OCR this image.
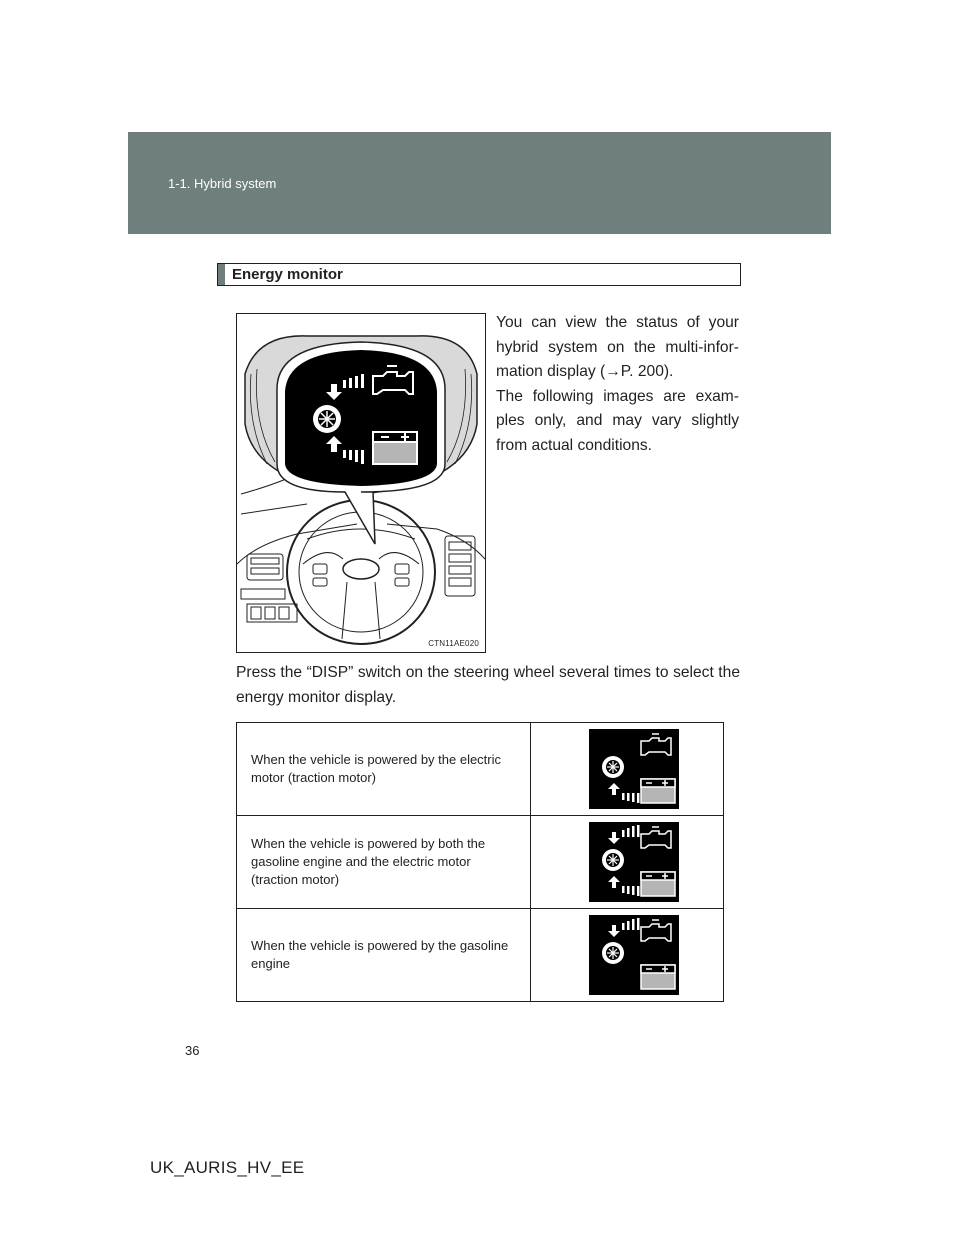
1-1. Hybrid system
Energy monitor
CTN11AE020

You can view the status of your hybrid system on the multi-infor-mation display (→P. 200).

The following images are exam-ples only, and may vary slightly from actual conditions.

Press the “DISP” switch on the steering wheel several times to select the energy monitor display.
When the vehicle is powered by the electric motor (traction motor)	

When the vehicle is powered by both the gasoline engine and the electric motor (traction motor)	

When the vehicle is powered by the gasoline engine	
36
UK_AURIS_HV_EE
